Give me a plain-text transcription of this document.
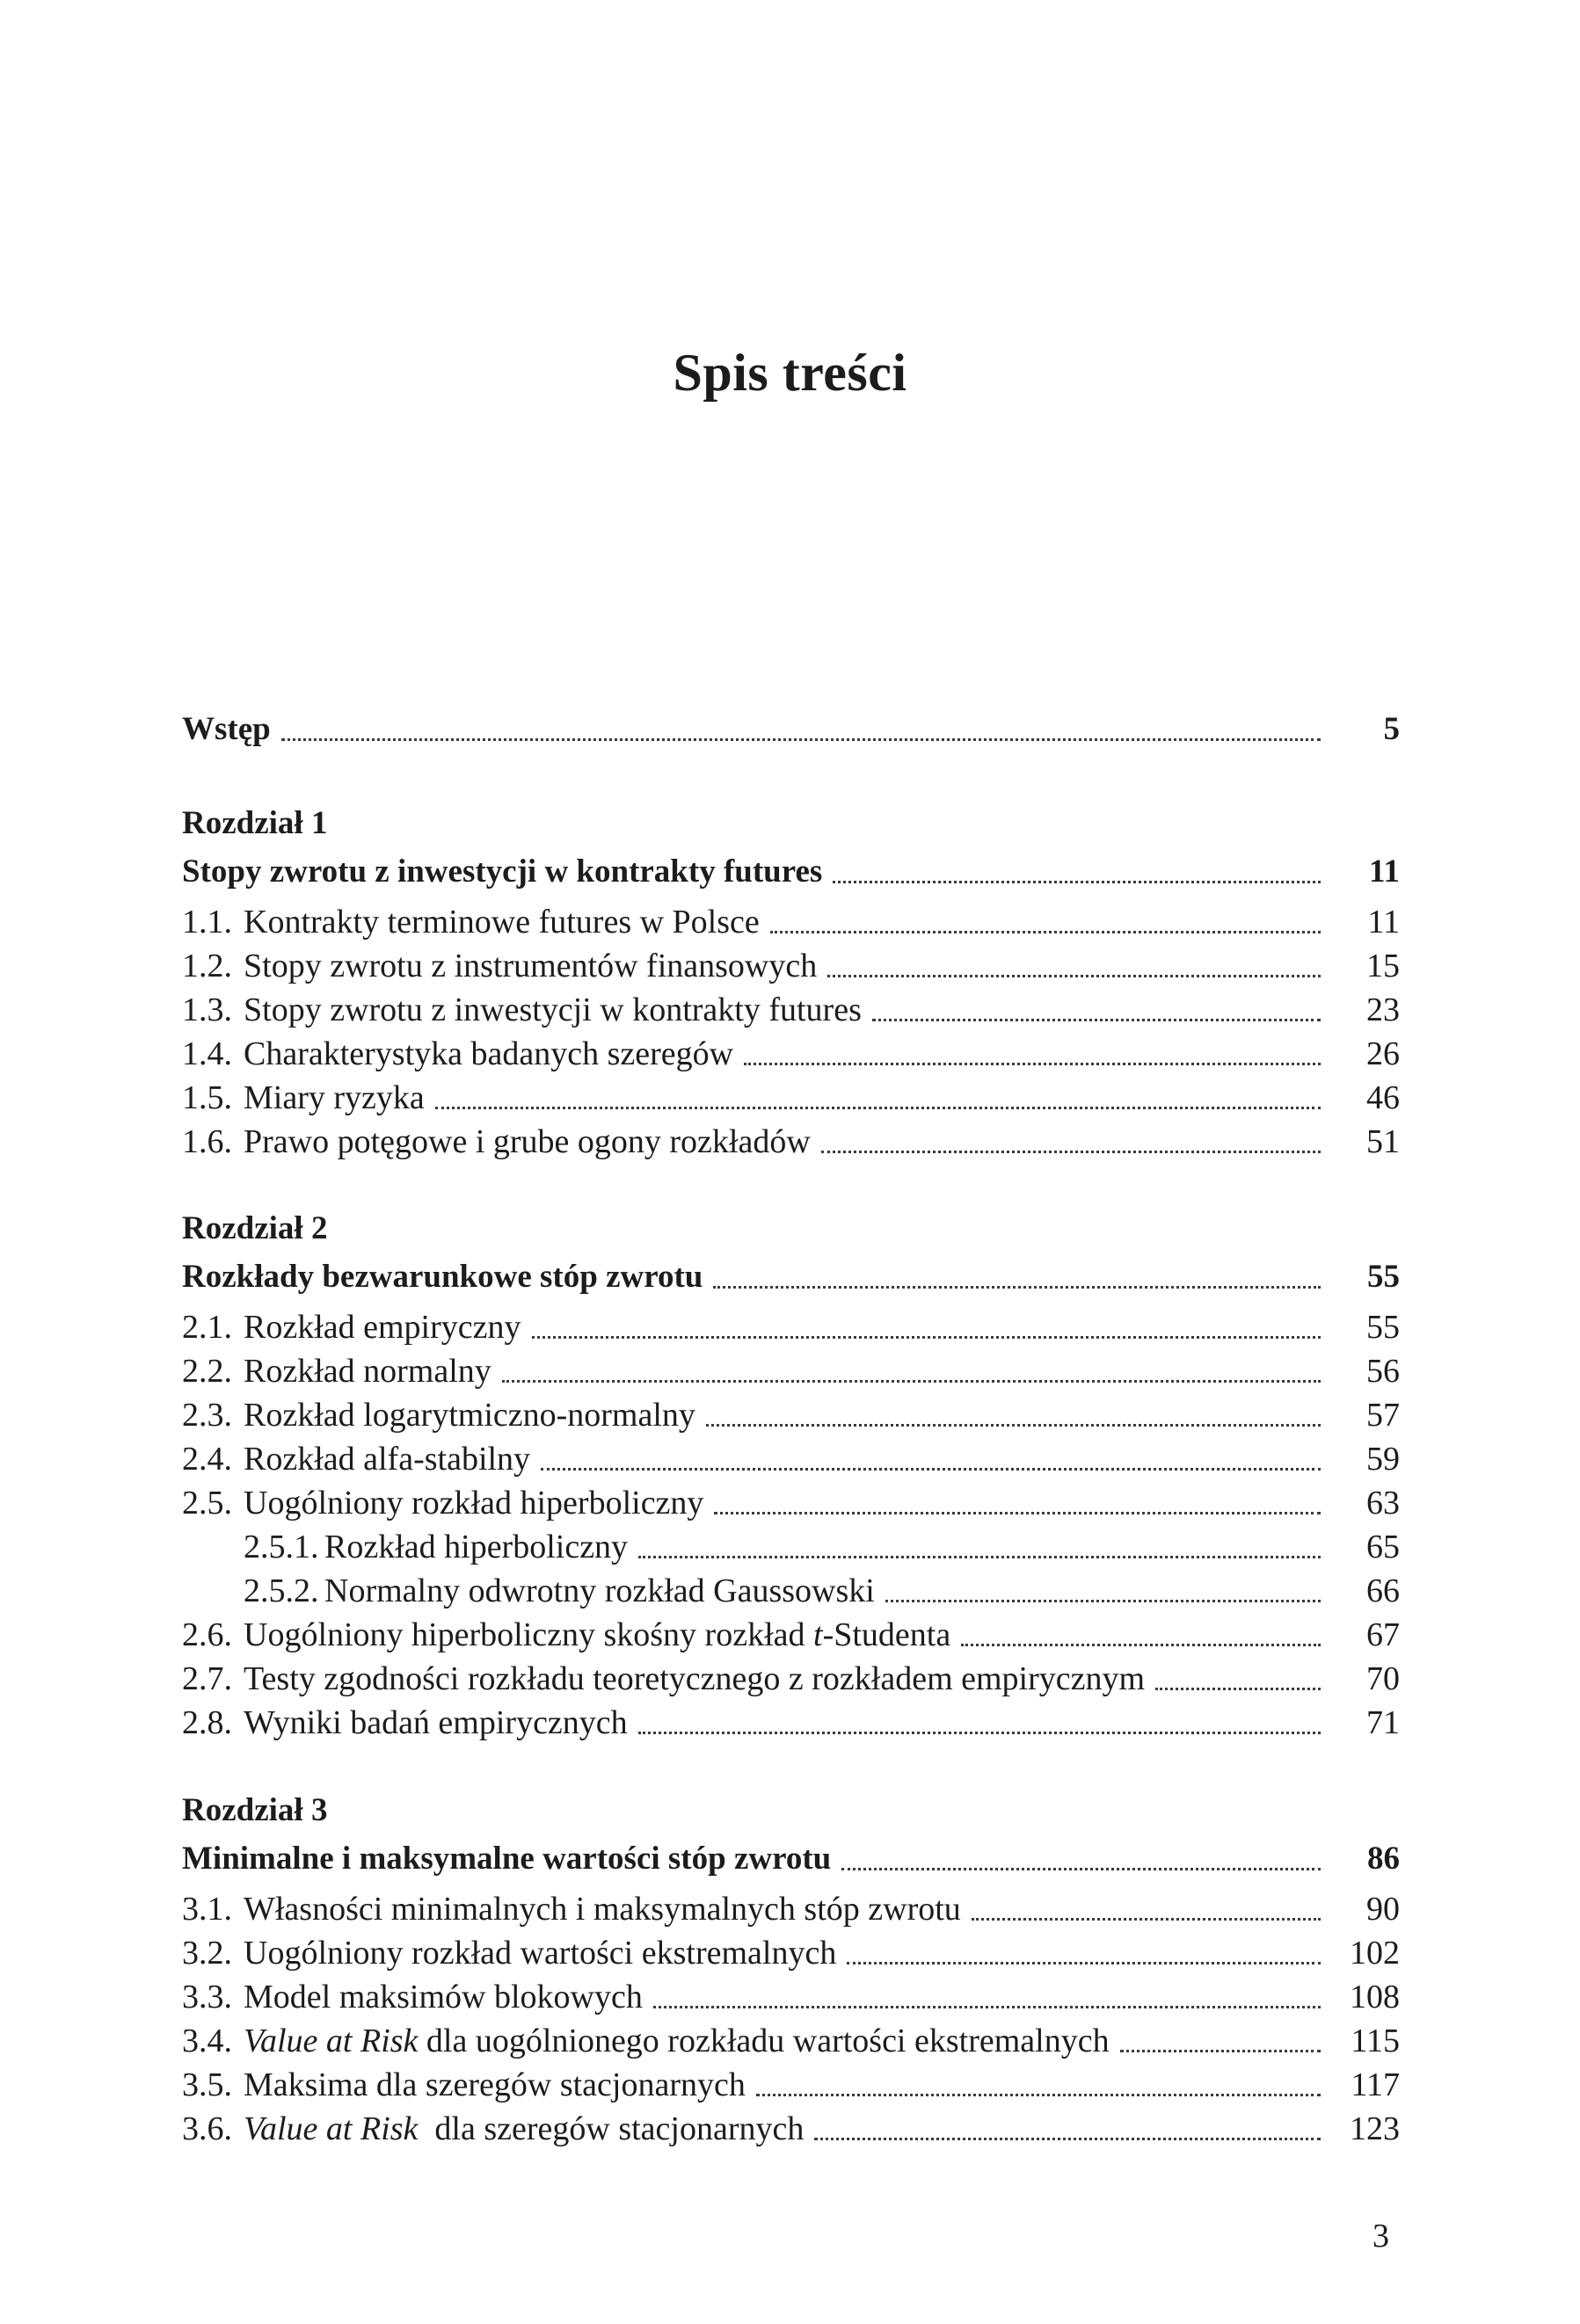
Spis treści
Wstęp	5
Rozdział 1
Stopy zwrotu z inwestycji w kontrakty futures	11
1.1. Kontrakty terminowe futures w Polsce	11
1.2. Stopy zwrotu z instrumentów finansowych	15
1.3. Stopy zwrotu z inwestycji w kontrakty futures	23
1.4. Charakterystyka badanych szeregów	26
1.5. Miary ryzyka	46
1.6. Prawo potęgowe i grube ogony rozkładów	51
Rozdział 2
Rozkłady bezwarunkowe stóp zwrotu	55
2.1. Rozkład empiryczny	55
2.2. Rozkład normalny	56
2.3. Rozkład logarytmiczno-normalny	57
2.4. Rozkład alfa-stabilny	59
2.5. Uogólniony rozkład hiperboliczny	63
2.5.1. Rozkład hiperboliczny	65
2.5.2. Normalny odwrotny rozkład Gaussowski	66
2.6. Uogólniony hiperboliczny skośny rozkład t-Studenta	67
2.7. Testy zgodności rozkładu teoretycznego z rozkładem empirycznym	70
2.8. Wyniki badań empirycznych	71
Rozdział 3
Minimalne i maksymalne wartości stóp zwrotu	86
3.1. Własności minimalnych i maksymalnych stóp zwrotu	90
3.2. Uogólniony rozkład wartości ekstremalnych	102
3.3. Model maksimów blokowych	108
3.4. Value at Risk dla uogólnionego rozkładu wartości ekstremalnych	115
3.5. Maksima dla szeregów stacjonarnych	117
3.6. Value at Risk  dla szeregów stacjonarnych	123
3
